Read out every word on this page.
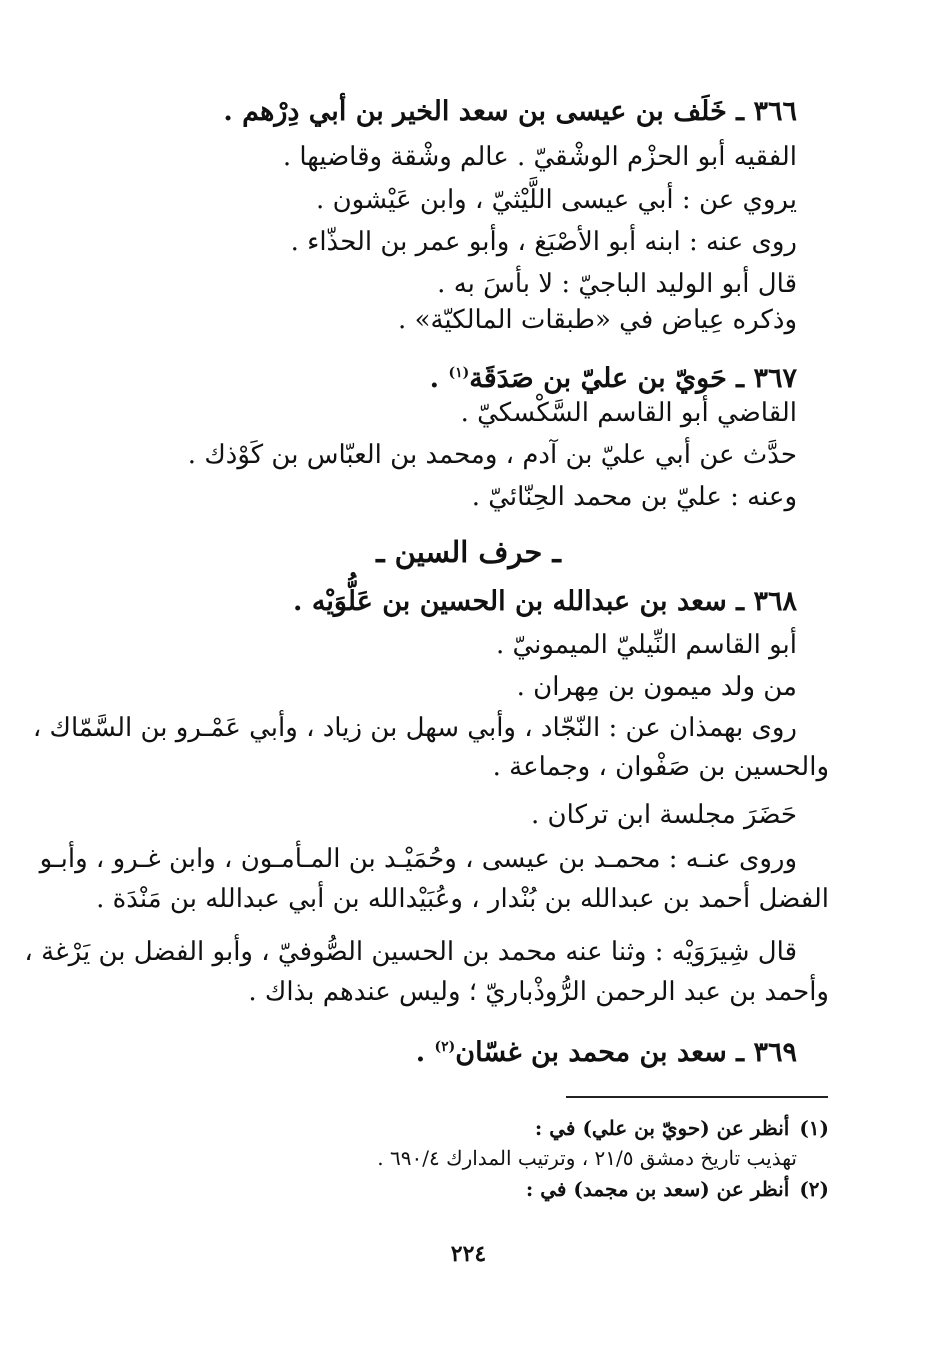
٣٦٦ ـ خَلَف بن عيسى بن سعد الخير بن أبي دِرْهم .
الفقيه أبو الحزْم الوشْقيّ . عالم وشْقة وقاضيها .
يروي عن : أبي عيسى اللَّيْثيّ ، وابن عَيْشون .
روى عنه : ابنه أبو الأصْبَغ ، وأبو عمر بن الحذّاء .
قال أبو الوليد الباجيّ : لا بأسَ به .
وذكره عِياض في «طبقات المالكيّة» .
٣٦٧ ـ حَويّ بن عليّ بن صَدَقَة$^{(١)}$ .
القاضي أبو القاسم السَّكْسكيّ .
حدَّث عن أبي عليّ بن آدم ، ومحمد بن العبّاس بن كَوْذك .
وعنه : عليّ بن محمد الحِنّائيّ .
ـ حرف السين ـ
٣٦٨ ـ سعد بن عبدالله بن الحسين بن عَلُّوَيْه .
أبو القاسم النِّيليّ الميمونيّ .
من ولد ميمون بن مِهران .
روى بهمذان عن : النّجّاد ، وأبي سهل بن زياد ، وأبي عَمْـرو بن السَّمّاك ،
والحسين بن صَفْوان ، وجماعة .
حَضَرَ مجلسة ابن تركان .
وروى عنـه : محمـد بن عيسى ، وحُمَيْـد بن المـأمـون ، وابن غـرو ، وأبـو
الفضل أحمد بن عبدالله بن بُنْدار ، وعُبَيْدالله بن أبي عبدالله بن مَنْدَة .
قال شِيرَوَيْه : وثنا عنه محمد بن الحسين الصُّوفيّ ، وأبو الفضل بن يَرْغة ،
وأحمد بن عبد الرحمن الرُّوذْباريّ ؛ وليس عندهم بذاك .
٣٦٩ ـ سعد بن محمد بن غسّان$^{(٢)}$ .
(١)أنظر عن (حويّ بن علي) في :
تهذيب تاريخ دمشق ٢١/٥ ، وترتيب المدارك ٦٩٠/٤ .
(٢)أنظر عن (سعد بن مجمد) في :
٢٢٤
